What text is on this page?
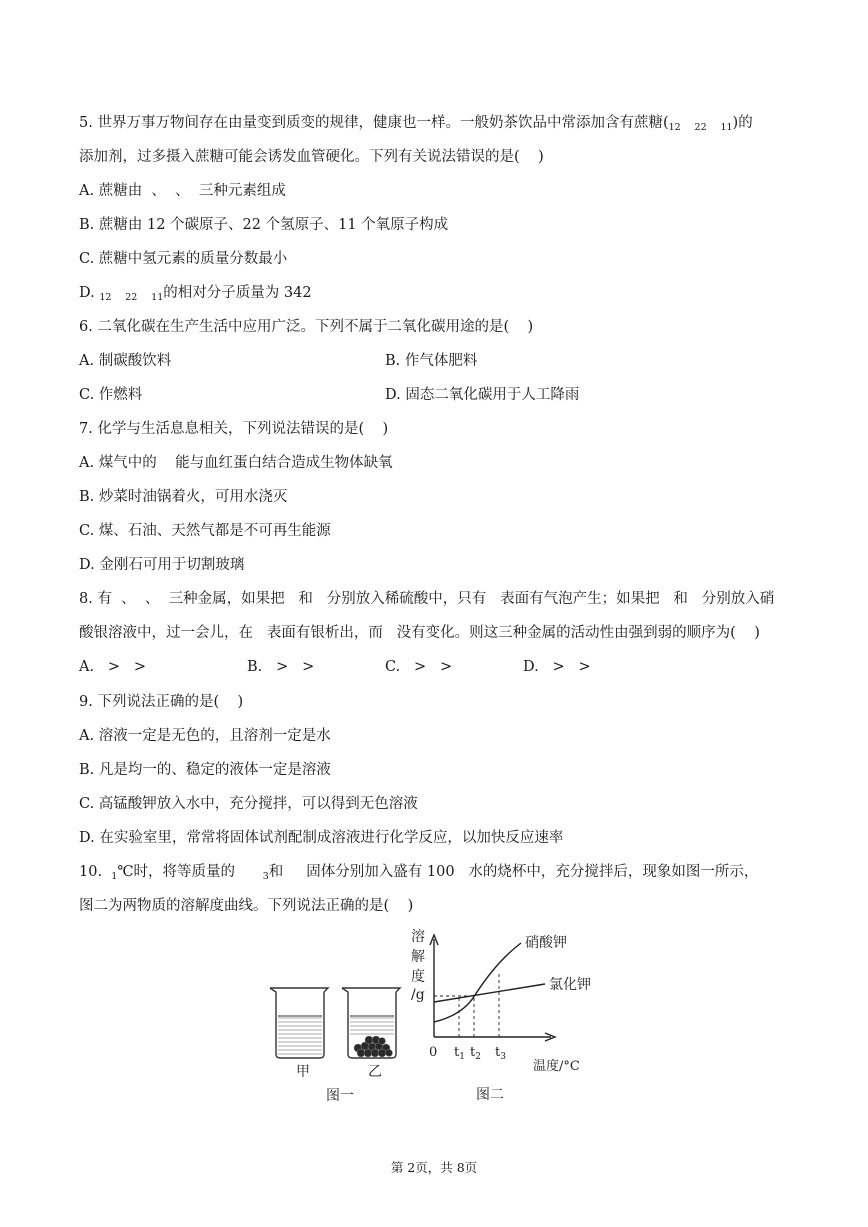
5. 世界万事万物间存在由量变到质变的规律，健康也一样。一般奶茶饮品中常添加含有蔗糖($_{12}$ $_{22}$ $_{11}$)的
添加剂，过多摄入蔗糖可能会诱发血管硬化。下列有关说法错误的是(    )
A. 蔗糖由  、  、  三种元素组成
B. 蔗糖由 12 个碳原子、22 个氢原子、11 个氧原子构成
C. 蔗糖中氢元素的质量分数最小
D. $_{12}$ $_{22}$ $_{11}$的相对分子质量为 342
6. 二氧化碳在生产生活中应用广泛。下列不属于二氧化碳用途的是(    )
A. 制碳酸饮料	B. 作气体肥料
C. 作燃料	D. 固态二氧化碳用于人工降雨
7. 化学与生活息息相关，下列说法错误的是(    )
A. 煤气中的    能与血红蛋白结合造成生物体缺氧
B. 炒菜时油锅着火，可用水浇灭
C. 煤、石油、天然气都是不可再生能源
D. 金刚石可用于切割玻璃
8. 有  、  、  三种金属，如果把   和   分别放入稀硫酸中，只有   表面有气泡产生；如果把   和   分别放入硝
酸银溶液中，过一会儿，在   表面有银析出，而   没有变化。则这三种金属的活动性由强到弱的顺序为(    )
A.   >   >	B.   >   >	C.   >   >	D.   >   >
9. 下列说法正确的是(    )
A. 溶液一定是无色的，且溶剂一定是水
B. 凡是均一的、稳定的液体一定是溶液
C. 高锰酸钾放入水中，充分搅拌，可以得到无色溶液
D. 在实验室里，常常将固体试剂配制成溶液进行化学反应，以加快反应速率
10.  $_1$℃时，将等质量的      $_3$和     固体分别加入盛有 100   水的烧杯中，充分搅拌后，现象如图一所示，
图二为两物质的溶解度曲线。下列说法正确的是(    )
甲	乙
图一
溶
解
度
/g
硝酸钾
氯化钾
0 $t_1$ $t_2$ $t_3$
温度/°C
图二
第 2页，共 8页
